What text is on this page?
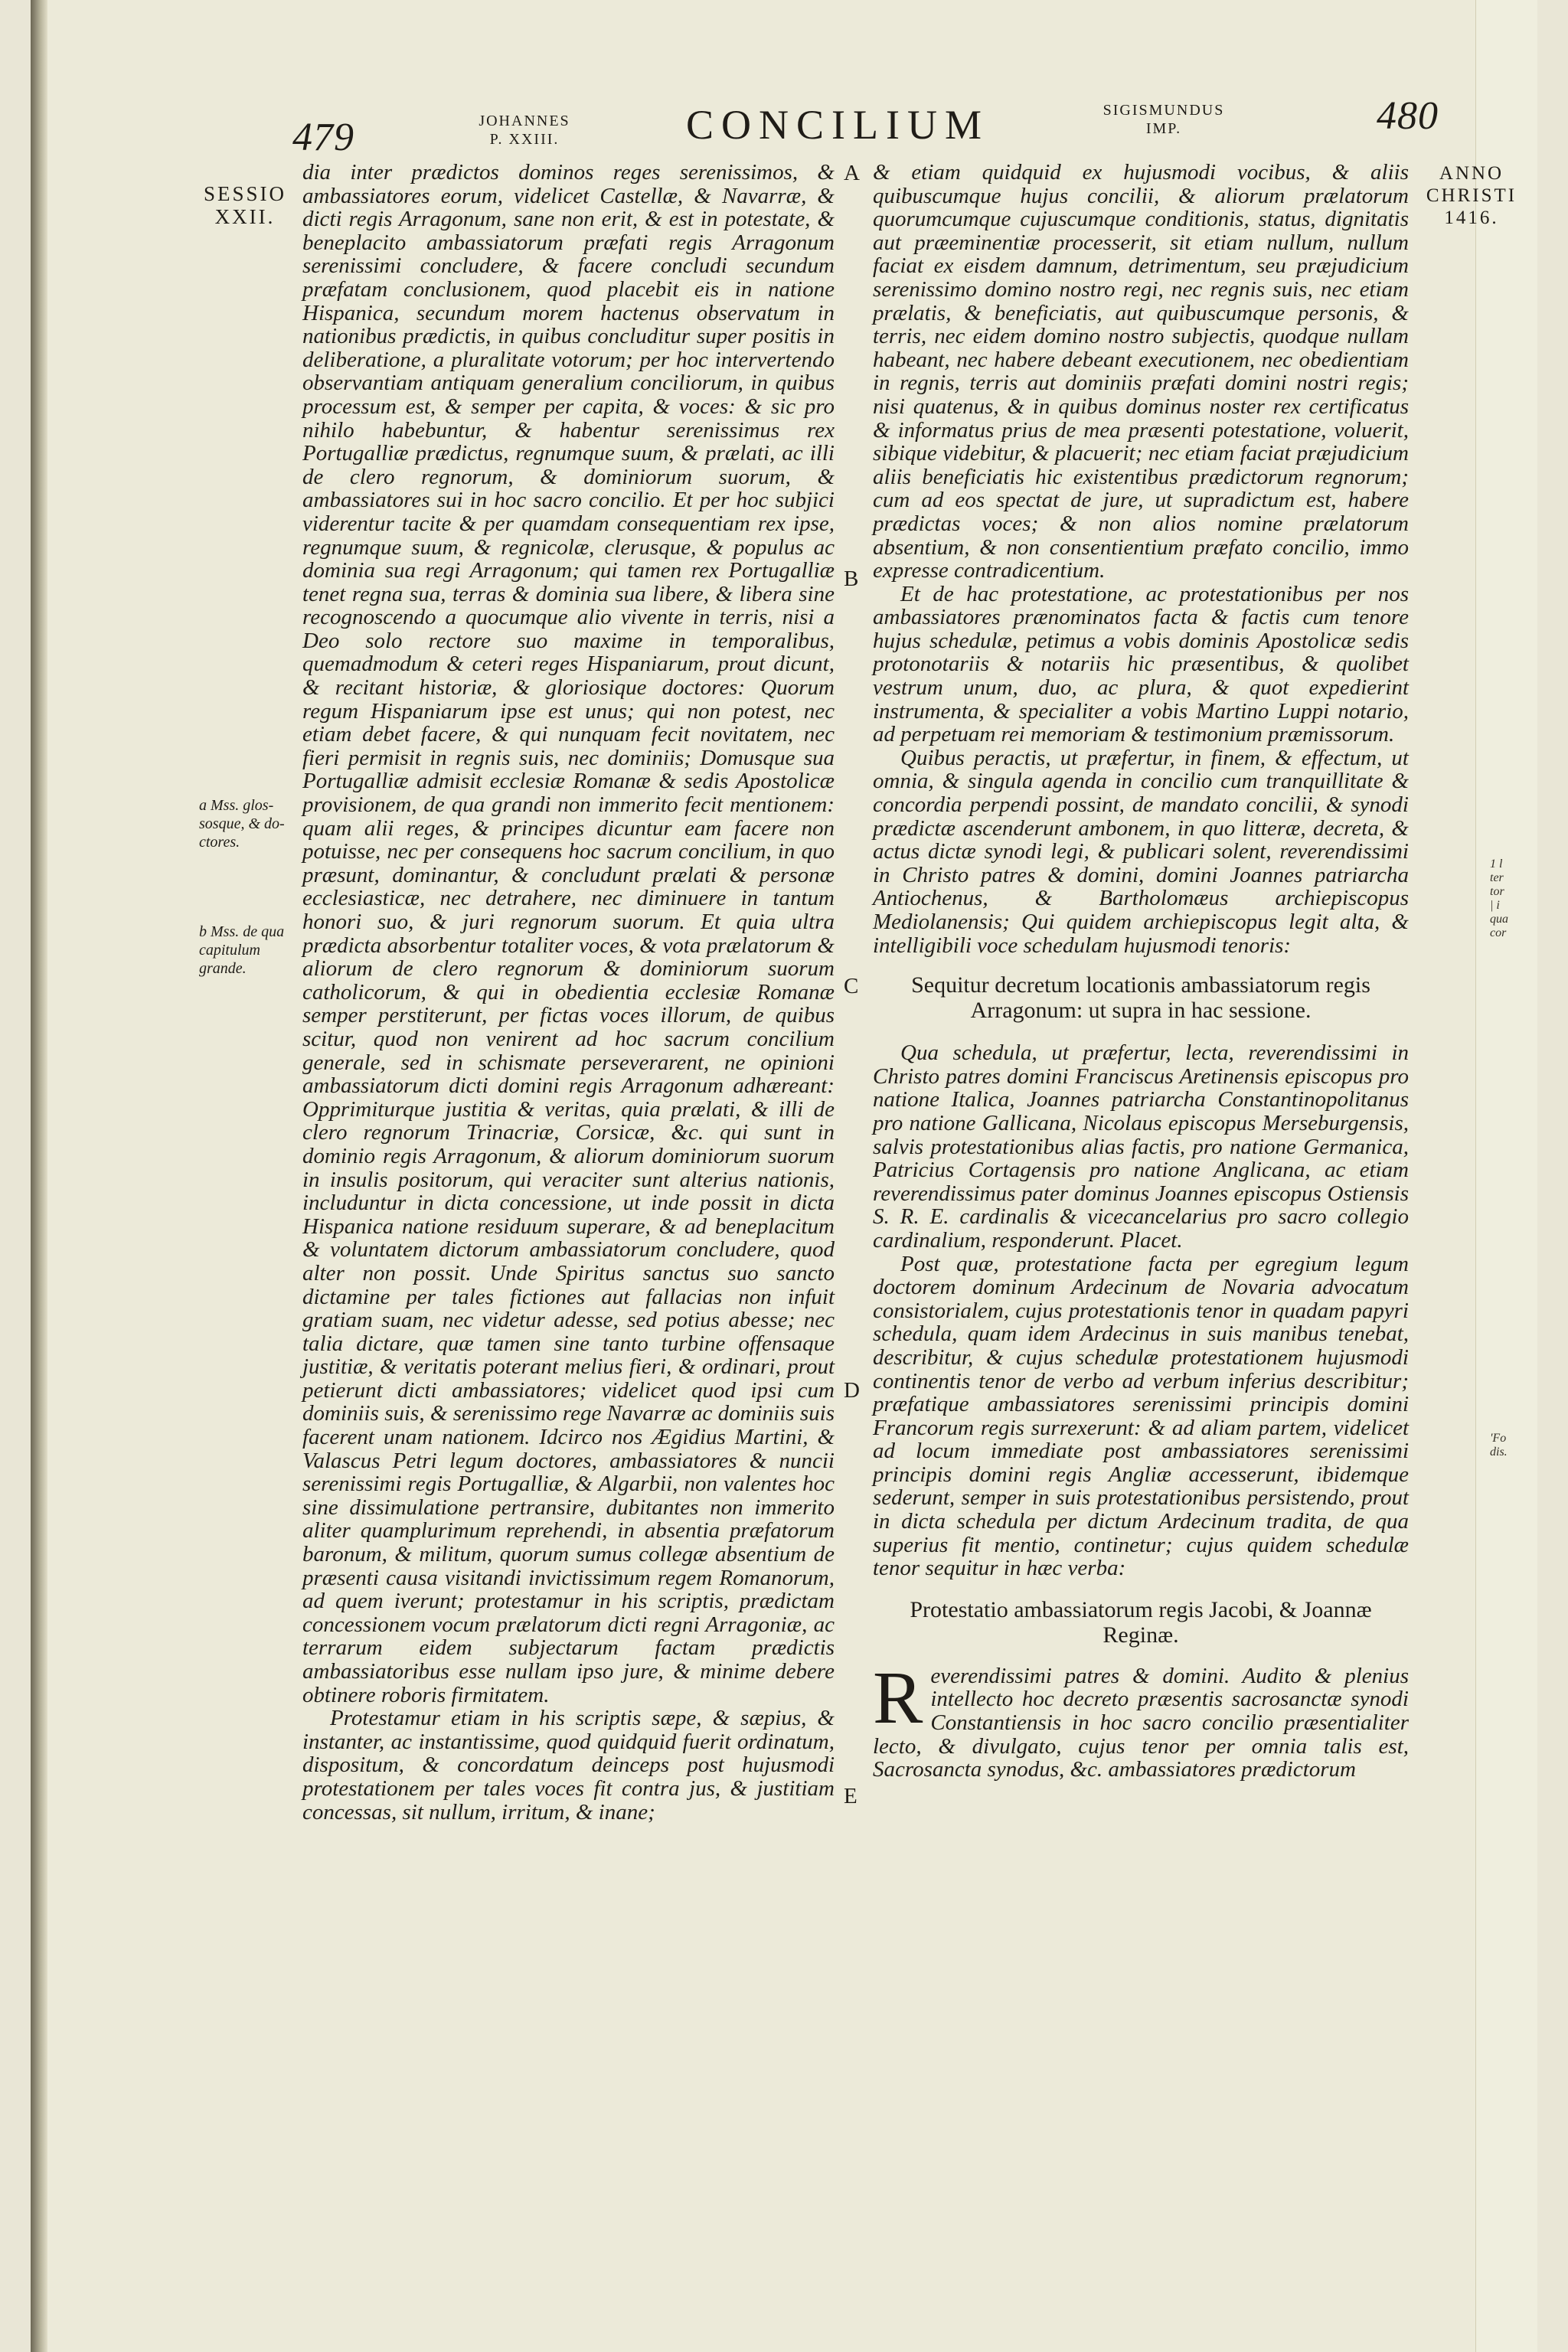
479	JOHANNES
P. XXIII.	CONCILIUM	SIGISMUNDUS
IMP.	480
SESSIO
XXII.
ANNO
CHRISTI
1416.
a Mss. glos-
sosque, & do-
ctores.
b Mss. de qua
capitulum
grande.
A
B
C
D
E
1 l
ter
tor
| i
qua
cor
'Fo
dis.

dia inter prædictos dominos reges serenissimos, & ambassiatores eorum, videlicet Castellæ, & Navarræ, & dicti regis Arragonum, sane non erit, & est in potestate, & beneplacito ambassiatorum præfati regis Arragonum serenissimi concludere, & facere concludi secundum præfatam conclusionem, quod placebit eis in natione Hispanica, secundum morem hactenus observatum in nationibus prædictis, in quibus concluditur super positis in deliberatione, a pluralitate votorum; per hoc intervertendo observantiam antiquam generalium conciliorum, in quibus processum est, & semper per capita, & voces: & sic pro nihilo habebuntur, & habentur serenissimus rex Portugalliæ prædictus, regnumque suum, & prælati, ac illi de clero regnorum, & dominiorum suorum, & ambassiatores sui in hoc sacro concilio. Et per hoc subjici viderentur tacite & per quamdam consequentiam rex ipse, regnumque suum, & regnicolæ, clerusque, & populus ac dominia sua regi Arragonum; qui tamen rex Portugalliæ tenet regna sua, terras & dominia sua libere, & libera sine recognoscendo a quocumque alio vivente in terris, nisi a Deo solo rectore suo maxime in temporalibus, quemadmodum & ceteri reges Hispaniarum, prout dicunt, & recitant historiæ, & gloriosique doctores: Quorum regum Hispaniarum ipse est unus; qui non potest, nec etiam debet facere, & qui nunquam fecit novitatem, nec fieri permisit in regnis suis, nec dominiis; Domusque sua Portugalliæ admisit ecclesiæ Romanæ & sedis Apostolicæ provisionem, de qua grandi non immerito fecit mentionem: quam alii reges, & principes dicuntur eam facere non potuisse, nec per consequens hoc sacrum concilium, in quo præsunt, dominantur, & concludunt prælati & personæ ecclesiasticæ, nec detrahere, nec diminuere in tantum honori suo, & juri regnorum suorum. Et quia ultra prædicta absorbentur totaliter voces, & vota prælatorum & aliorum de clero regnorum & dominiorum suorum catholicorum, & qui in obedientia ecclesiæ Romanæ semper perstiterunt, per fictas voces illorum, de quibus scitur, quod non venirent ad hoc sacrum concilium generale, sed in schismate perseverarent, ne opinioni ambassiatorum dicti domini regis Arragonum adhæreant: Opprimiturque justitia & veritas, quia prælati, & illi de clero regnorum Trinacriæ, Corsicæ, &c. qui sunt in dominio regis Arragonum, & aliorum dominiorum suorum in insulis positorum, qui veraciter sunt alterius nationis, includuntur in dicta concessione, ut inde possit in dicta Hispanica natione residuum superare, & ad beneplacitum & voluntatem dictorum ambassiatorum concludere, quod alter non possit. Unde Spiritus sanctus suo sancto dictamine per tales fictiones aut fallacias non infuit gratiam suam, nec videtur adesse, sed potius abesse; nec talia dictare, quæ tamen sine tanto turbine offensaque justitiæ, & veritatis poterant melius fieri, & ordinari, prout petierunt dicti ambassiatores; videlicet quod ipsi cum dominiis suis, & serenissimo rege Navarræ ac dominiis suis facerent unam nationem. Idcirco nos Ægidius Martini, & Valascus Petri legum doctores, ambassiatores & nuncii serenissimi regis Portugalliæ, & Algarbii, non valentes hoc sine dissimulatione pertransire, dubitantes non immerito aliter quamplurimum reprehendi, in absentia præfatorum baronum, & militum, quorum sumus collegæ absentium de præsenti causa visitandi invictissimum regem Romanorum, ad quem iverunt; protestamur in his scriptis, prædictam concessionem vocum prælatorum dicti regni Arragoniæ, ac terrarum eidem subjectarum factam prædictis ambassiatoribus esse nullam ipso jure, & minime debere obtinere roboris firmitatem.

Protestamur etiam in his scriptis sæpe, & sæpius, & instanter, ac instantissime, quod quidquid fuerit ordinatum, dispositum, & concordatum deinceps post hujusmodi protestationem per tales voces fit contra jus, & justitiam concessas, sit nullum, irritum, & inane;

& etiam quidquid ex hujusmodi vocibus, & aliis quibuscumque hujus concilii, & aliorum prælatorum quorumcumque cujuscumque conditionis, status, dignitatis aut præeminentiæ processerit, sit etiam nullum, nullum faciat ex eisdem damnum, detrimentum, seu præjudicium serenissimo domino nostro regi, nec regnis suis, nec etiam prælatis, & beneficiatis, aut quibuscumque personis, & terris, nec eidem domino nostro subjectis, quodque nullam habeant, nec habere debeant executionem, nec obedientiam in regnis, terris aut dominiis præfati domini nostri regis; nisi quatenus, & in quibus dominus noster rex certificatus & informatus prius de mea præsenti potestatione, voluerit, sibique videbitur, & placuerit; nec etiam faciat præjudicium aliis beneficiatis hic existentibus prædictorum regnorum; cum ad eos spectat de jure, ut supradictum est, habere prædictas voces; & non alios nomine prælatorum absentium, & non consentientium præfato concilio, immo expresse contradicentium.

Et de hac protestatione, ac protestationibus per nos ambassiatores prænominatos facta & factis cum tenore hujus schedulæ, petimus a vobis dominis Apostolicæ sedis protonotariis & notariis hic præsentibus, & quolibet vestrum unum, duo, ac plura, & quot expedierint instrumenta, & specialiter a vobis Martino Luppi notario, ad perpetuam rei memoriam & testimonium præmissorum.

Quibus peractis, ut præfertur, in finem, & effectum, ut omnia, & singula agenda in concilio cum tranquillitate & concordia perpendi possint, de mandato concilii, & synodi prædictæ ascenderunt ambonem, in quo litteræ, decreta, & actus dictæ synodi legi, & publicari solent, reverendissimi in Christo patres & domini, domini Joannes patriarcha Antiochenus, & Bartholomæus archiepiscopus Mediolanensis; Qui quidem archiepiscopus legit alta, & intelligibili voce schedulam hujusmodi tenoris:

Sequitur decretum locationis ambassiatorum regis Arragonum: ut supra in hac sessione.

Qua schedula, ut præfertur, lecta, reverendissimi in Christo patres domini Franciscus Aretinensis episcopus pro natione Italica, Joannes patriarcha Constantinopolitanus pro natione Gallicana, Nicolaus episcopus Merseburgensis, salvis protestationibus alias factis, pro natione Germanica, Patricius Cortagensis pro natione Anglicana, ac etiam reverendissimus pater dominus Joannes episcopus Ostiensis S. R. E. cardinalis & vicecancelarius pro sacro collegio cardinalium, responderunt. Placet.

Post quæ, protestatione facta per egregium legum doctorem dominum Ardecinum de Novaria advocatum consistorialem, cujus protestationis tenor in quadam papyri schedula, quam idem Ardecinus in suis manibus tenebat, describitur, & cujus schedulæ protestationem hujusmodi continentis tenor de verbo ad verbum inferius describitur; præfatique ambassiatores serenissimi principis domini Francorum regis surrexerunt: & ad aliam partem, videlicet ad locum immediate post ambassiatores serenissimi principis domini regis Angliæ accesserunt, ibidemque sederunt, semper in suis protestationibus persistendo, prout in dicta schedula per dictum Ardecinum tradita, de qua superius fit mentio, continetur; cujus quidem schedulæ tenor sequitur in hæc verba:

Protestatio ambassiatorum regis Jacobi, & Joannæ Reginæ.

Reverendissimi patres & domini. Audito & plenius intellecto hoc decreto præsentis sacrosanctæ synodi Constantiensis in hoc sacro concilio præsentialiter lecto, & divulgato, cujus tenor per omnia talis est, Sacrosancta synodus, &c. ambassiatores prædictorum
